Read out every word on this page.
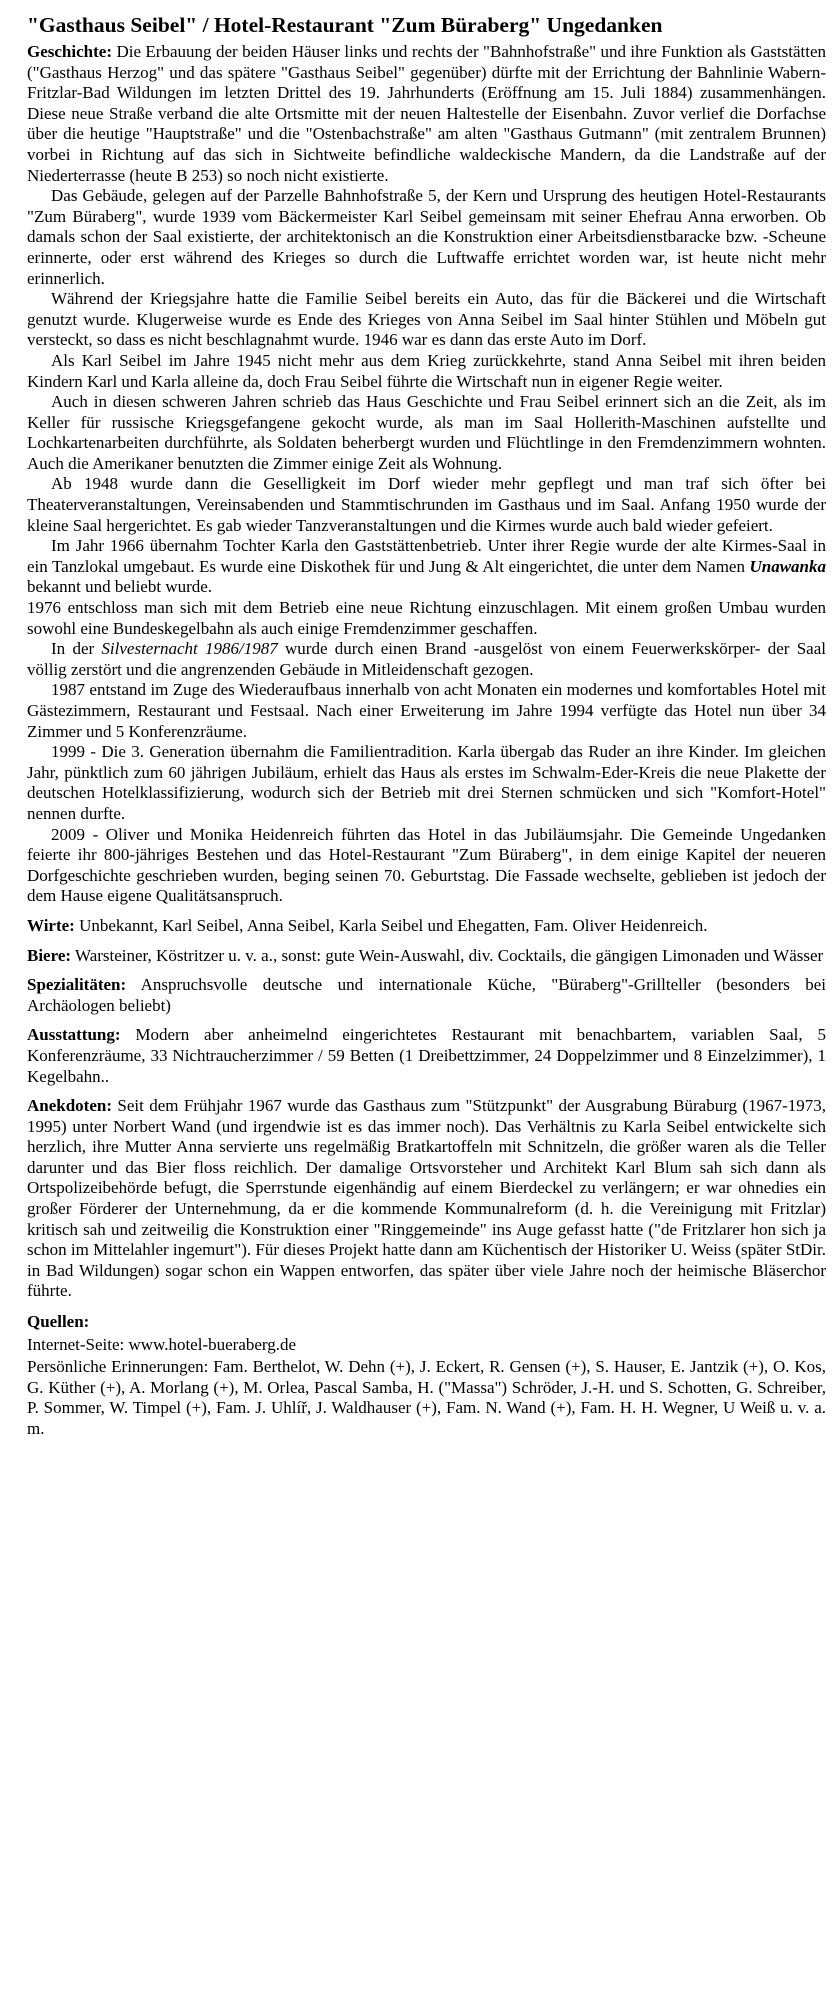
"Gasthaus Seibel" / Hotel-Restaurant "Zum Büraberg" Ungedanken

Geschichte: Die Erbauung der beiden Häuser links und rechts der "Bahnhofstraße" und ihre Funktion als Gaststätten ("Gasthaus Herzog" und das spätere "Gasthaus Seibel" gegenüber) dürfte mit der Errichtung der Bahnlinie Wabern-Fritzlar-Bad Wildungen im letzten Drittel des 19. Jahrhunderts (Eröffnung am 15. Juli 1884) zusammenhängen. Diese neue Straße verband die alte Ortsmitte mit der neuen Haltestelle der Eisenbahn. Zuvor verlief die Dorfachse über die heutige "Hauptstraße" und die "Ostenbachstraße" am alten "Gasthaus Gutmann" (mit zentralem Brunnen) vorbei in Richtung auf das sich in Sichtweite befindliche waldeckische Mandern, da die Landstraße auf der Niederterrasse (heute B 253) so noch nicht existierte.

Das Gebäude, gelegen auf der Parzelle Bahnhofstraße 5, der Kern und Ursprung des heutigen Hotel-Restaurants "Zum Büraberg", wurde 1939 vom Bäckermeister Karl Seibel gemeinsam mit seiner Ehefrau Anna erworben. Ob damals schon der Saal existierte, der architektonisch an die Konstruktion einer Arbeitsdienstbaracke bzw. -Scheune erinnerte, oder erst während des Krieges so durch die Luftwaffe errichtet worden war, ist heute nicht mehr erinnerlich.

Während der Kriegsjahre hatte die Familie Seibel bereits ein Auto, das für die Bäckerei und die Wirtschaft genutzt wurde. Klugerweise wurde es Ende des Krieges von Anna Seibel im Saal hinter Stühlen und Möbeln gut versteckt, so dass es nicht beschlagnahmt wurde. 1946 war es dann das erste Auto im Dorf.

Als Karl Seibel im Jahre 1945 nicht mehr aus dem Krieg zurückkehrte, stand Anna Seibel mit ihren beiden Kindern Karl und Karla alleine da, doch Frau Seibel führte die Wirtschaft nun in eigener Regie weiter.

Auch in diesen schweren Jahren schrieb das Haus Geschichte und Frau Seibel erinnert sich an die Zeit, als im Keller für russische Kriegsgefangene gekocht wurde, als man im Saal Hollerith-Maschinen aufstellte und Lochkartenarbeiten durchführte, als Soldaten beherbergt wurden und Flüchtlinge in den Fremdenzimmern wohnten. Auch die Amerikaner benutzten die Zimmer einige Zeit als Wohnung.

Ab 1948 wurde dann die Geselligkeit im Dorf wieder mehr gepflegt und man traf sich öfter bei Theaterveranstaltungen, Vereinsabenden und Stammtischrunden im Gasthaus und im Saal. Anfang 1950 wurde der kleine Saal hergerichtet. Es gab wieder Tanzveranstaltungen und die Kirmes wurde auch bald wieder gefeiert.

Im Jahr 1966 übernahm Tochter Karla den Gaststättenbetrieb. Unter ihrer Regie wurde der alte Kirmes-Saal in ein Tanzlokal umgebaut. Es wurde eine Diskothek für und Jung & Alt eingerichtet, die unter dem Namen Unawanka bekannt und beliebt wurde.

1976 entschloss man sich mit dem Betrieb eine neue Richtung einzuschlagen. Mit einem großen Umbau wurden sowohl eine Bundeskegelbahn als auch einige Fremdenzimmer geschaffen.

In der Silvesternacht 1986/1987 wurde durch einen Brand -ausgelöst von einem Feuerwerkskörper- der Saal völlig zerstört und die angrenzenden Gebäude in Mitleidenschaft gezogen.

1987 entstand im Zuge des Wiederaufbaus innerhalb von acht Monaten ein modernes und komfortables Hotel mit Gästezimmern, Restaurant und Festsaal. Nach einer Erweiterung im Jahre 1994 verfügte das Hotel nun über 34 Zimmer und 5 Konferenzräume.

1999 - Die 3. Generation übernahm die Familientradition. Karla übergab das Ruder an ihre Kinder. Im gleichen Jahr, pünktlich zum 60 jährigen Jubiläum, erhielt das Haus als erstes im Schwalm-Eder-Kreis die neue Plakette der deutschen Hotelklassifizierung, wodurch sich der Betrieb mit drei Sternen schmücken und sich "Komfort-Hotel" nennen durfte.

2009 - Oliver und Monika Heidenreich führten das Hotel in das Jubiläumsjahr. Die Gemeinde Ungedanken feierte ihr 800-jähriges Bestehen und das Hotel-Restaurant "Zum Büraberg", in dem einige Kapitel der neueren Dorfgeschichte geschrieben wurden, beging seinen 70. Geburtstag. Die Fassade wechselte, geblieben ist jedoch der dem Hause eigene Qualitätsanspruch.

Wirte: Unbekannt, Karl Seibel, Anna Seibel, Karla Seibel und Ehegatten, Fam. Oliver Heidenreich.

Biere: Warsteiner, Köstritzer u. v. a., sonst: gute Wein-Auswahl, div. Cocktails, die gängigen Limonaden und Wässer

Spezialitäten: Anspruchsvolle deutsche und internationale Küche, "Büraberg"-Grillteller (besonders bei Archäologen beliebt)

Ausstattung: Modern aber anheimelnd eingerichtetes Restaurant mit benachbartem, variablen Saal, 5 Konferenzräume, 33 Nichtraucherzimmer / 59 Betten (1 Dreibettzimmer, 24 Doppelzimmer und 8 Einzelzimmer), 1 Kegelbahn..

Anekdoten: Seit dem Frühjahr 1967 wurde das Gasthaus zum "Stützpunkt" der Ausgrabung Büraburg (1967-1973, 1995) unter Norbert Wand (und irgendwie ist es das immer noch). Das Verhältnis zu Karla Seibel entwickelte sich herzlich, ihre Mutter Anna servierte uns regelmäßig Bratkartoffeln mit Schnitzeln, die größer waren als die Teller darunter und das Bier floss reichlich. Der damalige Ortsvorsteher und Architekt Karl Blum sah sich dann als Ortspolizeibehörde befugt, die Sperrstunde eigenhändig auf einem Bierdeckel zu verlängern; er war ohnedies ein großer Förderer der Unternehmung, da er die kommende Kommunalreform (d. h. die Vereinigung mit Fritzlar) kritisch sah und zeitweilig die Konstruktion einer "Ringgemeinde" ins Auge gefasst hatte ("de Fritzlarer hon sich ja schon im Mittelahler ingemurt"). Für dieses Projekt hatte dann am Küchentisch der Historiker U. Weiss (später StDir. in Bad Wildungen) sogar schon ein Wappen entworfen, das später über viele Jahre noch der heimische Bläserchor führte.

Quellen:

Internet-Seite: www.hotel-bueraberg.de

Persönliche Erinnerungen: Fam. Berthelot, W. Dehn (+), J. Eckert, R. Gensen (+), S. Hauser, E. Jantzik (+), O. Kos, G. Küther (+), A. Morlang (+), M. Orlea, Pascal Samba, H. ("Massa") Schröder, J.-H. und S. Schotten, G. Schreiber, P. Sommer, W. Timpel (+), Fam. J. Uhlíř, J. Waldhauser (+), Fam. N. Wand (+), Fam. H. H. Wegner, U Weiß u. v. a. m.
